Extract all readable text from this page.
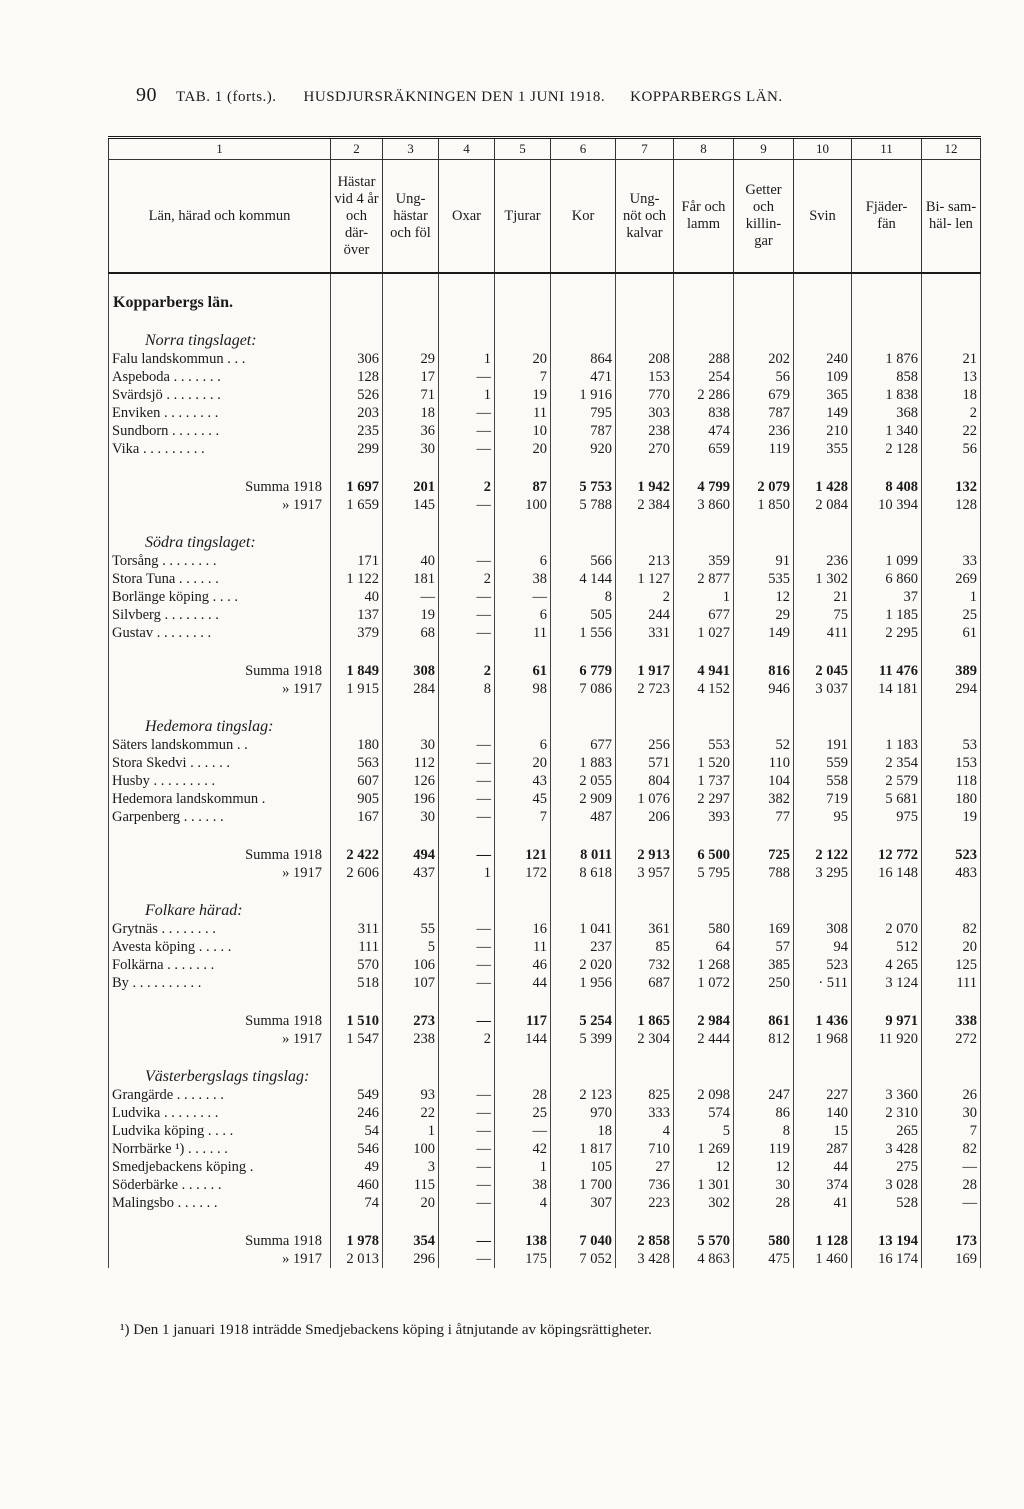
90 TAB. 1 (forts.). HUSDJURSRÄKNINGEN DEN 1 JUNI 1918. KOPPARBERGS LÄN.
1	2	3	4	5	6	7	8	9	10	11	12
Län, härad och kommun	Hästar vid 4 år och där- över	Ung- hästar och föl	Oxar	Tjurar	Kor	Ung- nöt och kalvar	Får och lamm	Getter och killin- gar	Svin	Fjäder- fän	Bi- sam- häl- len

Kopparbergs län.											

Norra tingslaget:											
Falu landskommun . . .	306	29	1	20	864	208	288	202	240	1 876	21
Aspeboda . . . . . . .	128	17	—	7	471	153	254	56	109	858	13
Svärdsjö . . . . . . . .	526	71	1	19	1 916	770	2 286	679	365	1 838	18
Enviken . . . . . . . .	203	18	—	11	795	303	838	787	149	368	2
Sundborn . . . . . . .	235	36	—	10	787	238	474	236	210	1 340	22
Vika . . . . . . . . .	299	30	—	20	920	270	659	119	355	2 128	56

Summa 1918	1 697	201	2	87	5 753	1 942	4 799	2 079	1 428	8 408	132
» 1917	1 659	145	—	100	5 788	2 384	3 860	1 850	2 084	10 394	128

Södra tingslaget:											
Torsång . . . . . . . .	171	40	—	6	566	213	359	91	236	1 099	33
Stora Tuna . . . . . .	1 122	181	2	38	4 144	1 127	2 877	535	1 302	6 860	269
Borlänge köping . . . .	40	—	—	—	8	2	1	12	21	37	1
Silvberg . . . . . . . .	137	19	—	6	505	244	677	29	75	1 185	25
Gustav . . . . . . . .	379	68	—	11	1 556	331	1 027	149	411	2 295	61

Summa 1918	1 849	308	2	61	6 779	1 917	4 941	816	2 045	11 476	389
» 1917	1 915	284	8	98	7 086	2 723	4 152	946	3 037	14 181	294

Hedemora tingslag:											
Säters landskommun . .	180	30	—	6	677	256	553	52	191	1 183	53
Stora Skedvi . . . . . .	563	112	—	20	1 883	571	1 520	110	559	2 354	153
Husby . . . . . . . . .	607	126	—	43	2 055	804	1 737	104	558	2 579	118
Hedemora landskommun .	905	196	—	45	2 909	1 076	2 297	382	719	5 681	180
Garpenberg . . . . . .	167	30	—	7	487	206	393	77	95	975	19

Summa 1918	2 422	494	—	121	8 011	2 913	6 500	725	2 122	12 772	523
» 1917	2 606	437	1	172	8 618	3 957	5 795	788	3 295	16 148	483

Folkare härad:											
Grytnäs . . . . . . . .	311	55	—	16	1 041	361	580	169	308	2 070	82
Avesta köping . . . . .	111	5	—	11	237	85	64	57	94	512	20
Folkärna . . . . . . .	570	106	—	46	2 020	732	1 268	385	523	4 265	125
By . . . . . . . . . .	518	107	—	44	1 956	687	1 072	250	· 511	3 124	111

Summa 1918	1 510	273	—	117	5 254	1 865	2 984	861	1 436	9 971	338
» 1917	1 547	238	2	144	5 399	2 304	2 444	812	1 968	11 920	272

Västerbergslags tingslag:											
Grangärde . . . . . . .	549	93	—	28	2 123	825	2 098	247	227	3 360	26
Ludvika . . . . . . . .	246	22	—	25	970	333	574	86	140	2 310	30
Ludvika köping . . . .	54	1	—	—	18	4	5	8	15	265	7
Norrbärke ¹) . . . . . .	546	100	—	42	1 817	710	1 269	119	287	3 428	82
Smedjebackens köping .	49	3	—	1	105	27	12	12	44	275	—
Söderbärke . . . . . .	460	115	—	38	1 700	736	1 301	30	374	3 028	28
Malingsbo . . . . . .	74	20	—	4	307	223	302	28	41	528	—

Summa 1918	1 978	354	—	138	7 040	2 858	5 570	580	1 128	13 194	173
» 1917	2 013	296	—	175	7 052	3 428	4 863	475	1 460	16 174	169
¹) Den 1 januari 1918 inträdde Smedjebackens köping i åtnjutande av köpingsrättigheter.
